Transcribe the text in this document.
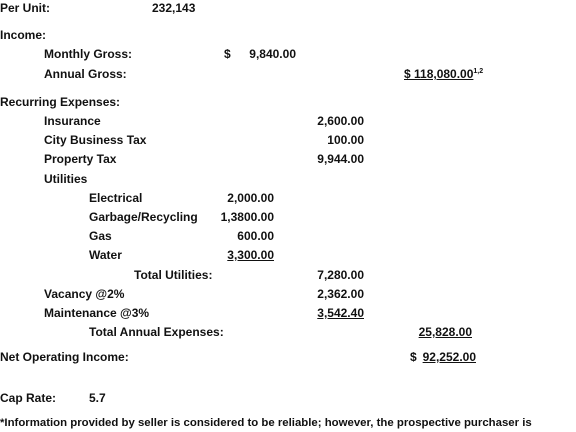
Per Unit:	232,143
Income:
Monthly Gross:	$	9,840.00
Annual Gross:	$ 118,080.00$^{1,2}$
Recurring Expenses:
Insurance	2,600.00
City Business Tax	100.00
Property Tax	9,944.00
Utilities
Electrical	2,000.00
Garbage/Recycling	1,3800.00
Gas	600.00
Water	3,300.00
Total Utilities:	7,280.00
Vacancy @2%	2,362.00
Maintenance @3%	3,542.40
Total Annual Expenses:	25,828.00
Net Operating Income:	$ 92,252.00
Cap Rate:	5.7
*Information provided by seller is considered to be reliable; however, the prospective purchaser is
